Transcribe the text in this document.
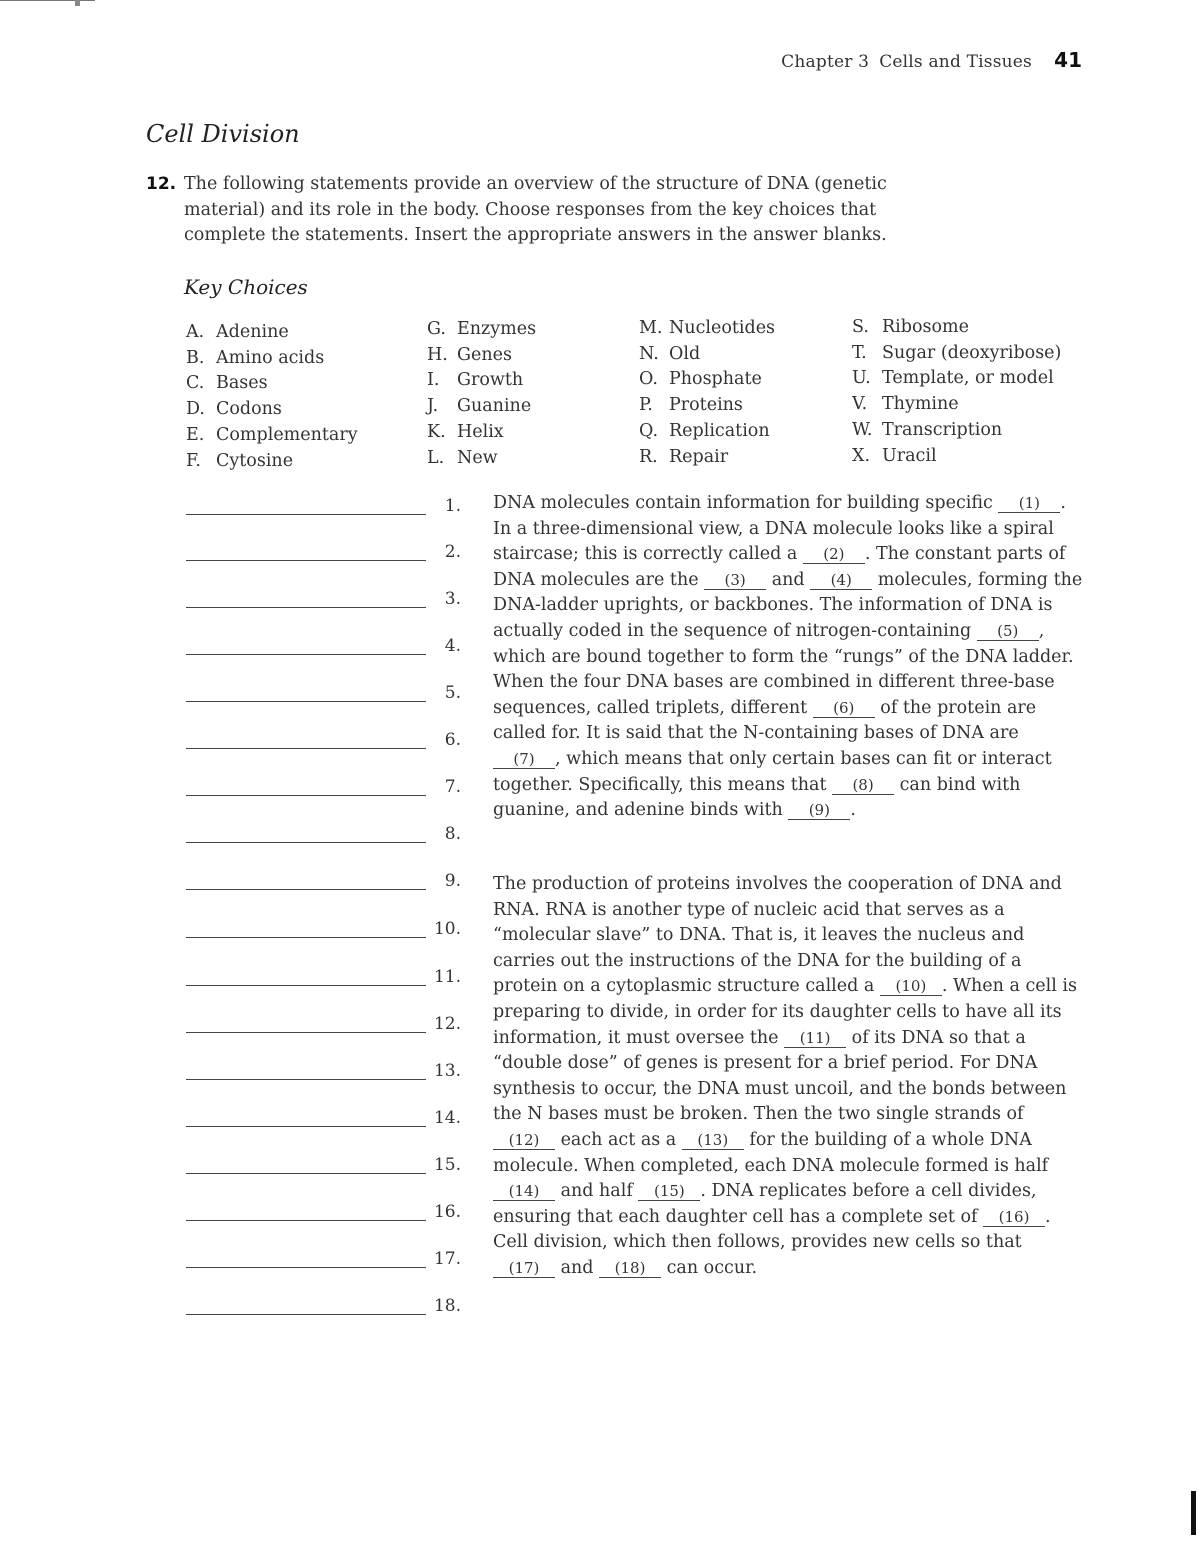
Chapter 3 Cells and Tissues 41
Cell Division
12. The following statements provide an overview of the structure of DNA (genetic material) and its role in the body. Choose responses from the key choices that complete the statements. Insert the appropriate answers in the answer blanks.
Key Choices
A. Adenine
B. Amino acids
C. Bases
D. Codons
E. Complementary
F. Cytosine
G. Enzymes
H. Genes
I. Growth
J. Guanine
K. Helix
L. New
M. Nucleotides
N. Old
O. Phosphate
P. Proteins
Q. Replication
R. Repair
S. Ribosome
T. Sugar (deoxyribose)
U. Template, or model
V. Thymine
W. Transcription
X. Uracil
1.
2.
3.
4.
5.
6.
7.
8.
9.
10.
11.
12.
13.
14.
15.
16.
17.
18.

DNA molecules contain information for building specific (1) . In a three-dimensional view, a DNA molecule looks like a spiral staircase; this is correctly called a (2) . The constant parts of DNA molecules are the (3) and (4) molecules, forming the DNA-ladder uprights, or backbones. The information of DNA is actually coded in the sequence of nitrogen-containing (5) , which are bound together to form the “rungs” of the DNA ladder. When the four DNA bases are combined in different three-base sequences, called triplets, different (6) of the protein are called for. It is said that the N-containing bases of DNA are (7) , which means that only certain bases can fit or interact together. Specifically, this means that (8) can bind with guanine, and adenine binds with (9) .

The production of proteins involves the cooperation of DNA and RNA. RNA is another type of nucleic acid that serves as a “molecular slave” to DNA. That is, it leaves the nucleus and carries out the instructions of the DNA for the building of a protein on a cytoplasmic structure called a (10) . When a cell is preparing to divide, in order for its daughter cells to have all its information, it must oversee the (11) of its DNA so that a “double dose” of genes is present for a brief period. For DNA synthesis to occur, the DNA must uncoil, and the bonds between the N bases must be broken. Then the two single strands of (12) each act as a (13) for the building of a whole DNA molecule. When completed, each DNA molecule formed is half (14) and half (15) . DNA replicates before a cell divides, ensuring that each daughter cell has a complete set of (16) . Cell division, which then follows, provides new cells so that (17) and (18) can occur.
